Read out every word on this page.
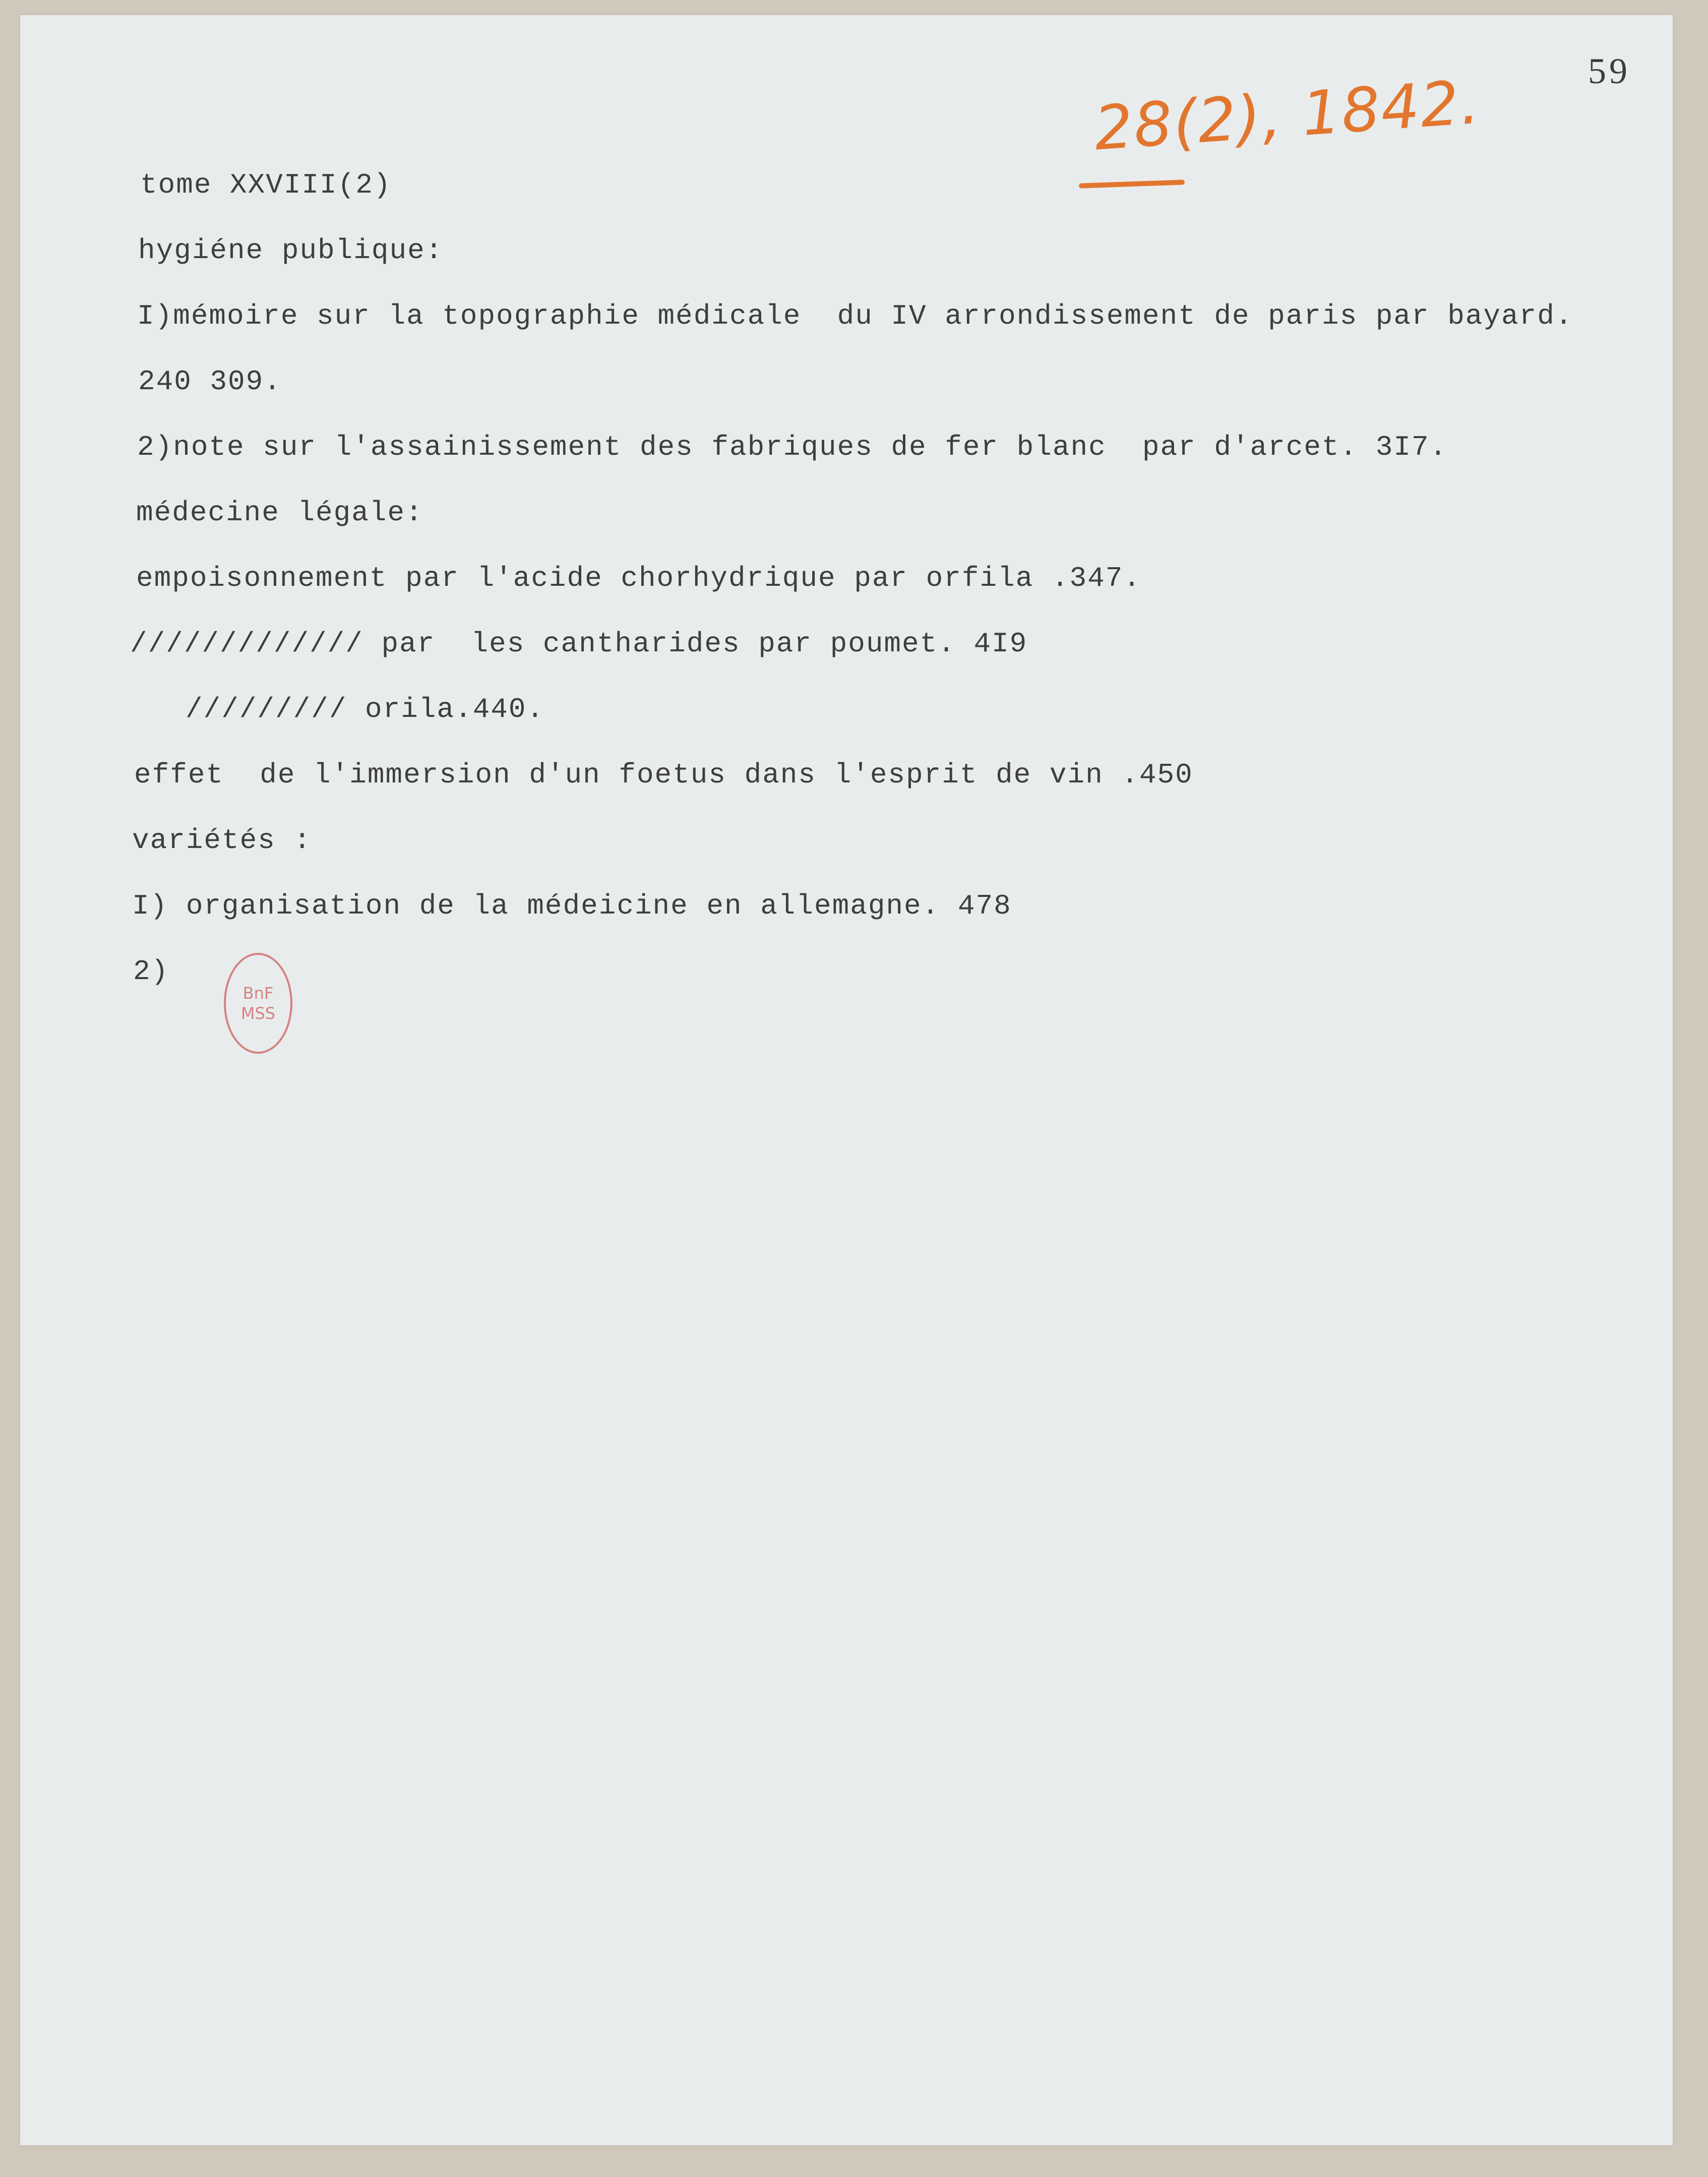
59
28(2), 1842.
tome XXVIII(2)
hygiéne publique:
I)mémoire sur la topographie médicale  du IV arrondissement de paris par bayard.
240 309.
2)note sur l'assainissement des fabriques de fer blanc  par d'arcet. 3I7.
médecine légale:
empoisonnement par l'acide chorhydrique par orfila .347.
///////////// par  les cantharides par poumet. 4I9
///////// orila.440.
effet  de l'immersion d'un foetus dans l'esprit de vin .450
variétés :
I) organisation de la médeicine en allemagne. 478
2)
BnF
MSS
